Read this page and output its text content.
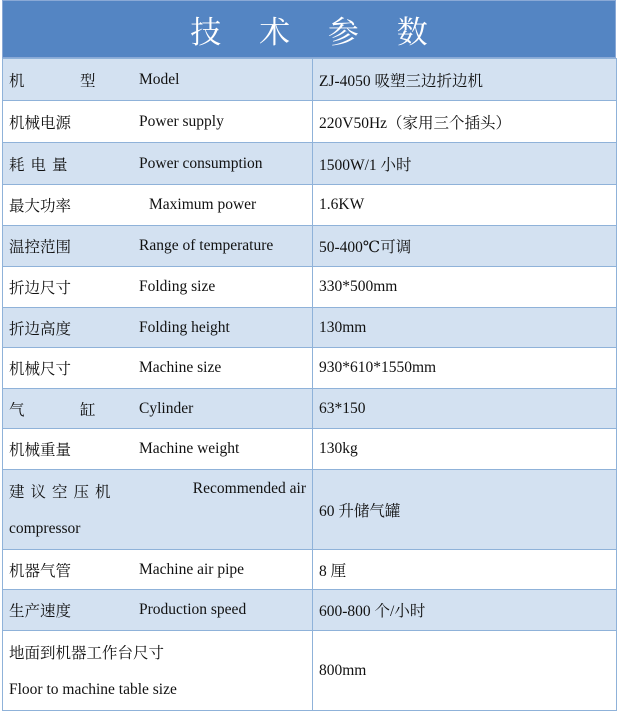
技 术 参 数
机　型 Model	ZJ-4050 吸塑三边折边机

机械电源 Power supply	220V50Hz（家用三个插头）

耗电量 Power consumption	1500W/1 小时

最大功率 Maximum power	1.6KW

温控范围 Range of temperature	50-400℃可调

折边尺寸 Folding size	330*500mm

折边高度 Folding height	130mm

机械尺寸 Machine size	930*610*1550mm

气　缸 Cylinder	63*150

机械重量 Machine weight	130kg

建议空压机 Recommended air
compressor	60 升储气罐

机器气管 Machine air pipe	8 厘

生产速度 Production speed	600-800 个/小时

地面到机器工作台尺寸
Floor to machine table size	800mm
